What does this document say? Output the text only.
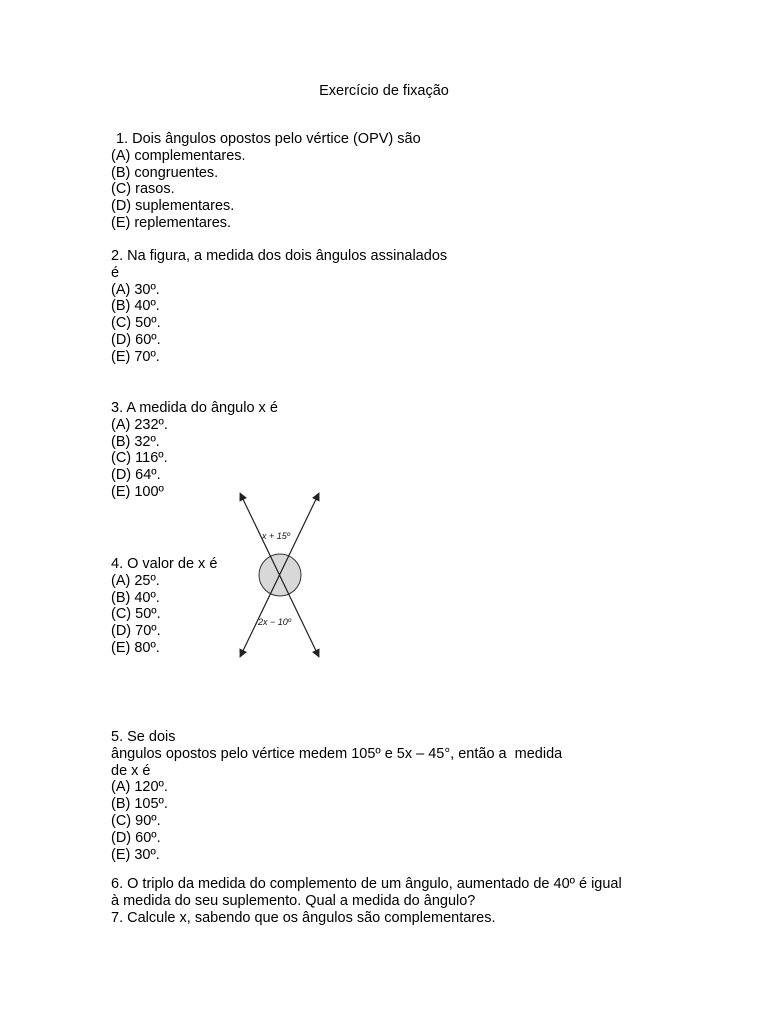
Exercício de fixação
1. Dois ângulos opostos pelo vértice (OPV) são
(A) complementares.
(B) congruentes.
(C) rasos.
(D) suplementares.
(E) replementares.
2. Na figura, a medida dos dois ângulos assinalados
é
(A) 30º.
(B) 40º.
(C) 50º.
(D) 60º.
(E) 70º.
3. A medida do ângulo x é
(A) 232º.
(B) 32º.
(C) 116º.
(D) 64º.
(E) 100º
x + 15º
2x − 10º
4. O valor de x é
(A) 25º.
(B) 40º.
(C) 50º.
(D) 70º.
(E) 80º.
5. Se dois
ângulos opostos pelo vértice medem 105º e 5x – 45°, então a  medida
de x é
(A) 120º.
(B) 105º.
(C) 90º.
(D) 60º.
(E) 30º.
6. O triplo da medida do complemento de um ângulo, aumentado de 40º é igual
à medida do seu suplemento. Qual a medida do ângulo?
7. Calcule x, sabendo que os ângulos são complementares.
